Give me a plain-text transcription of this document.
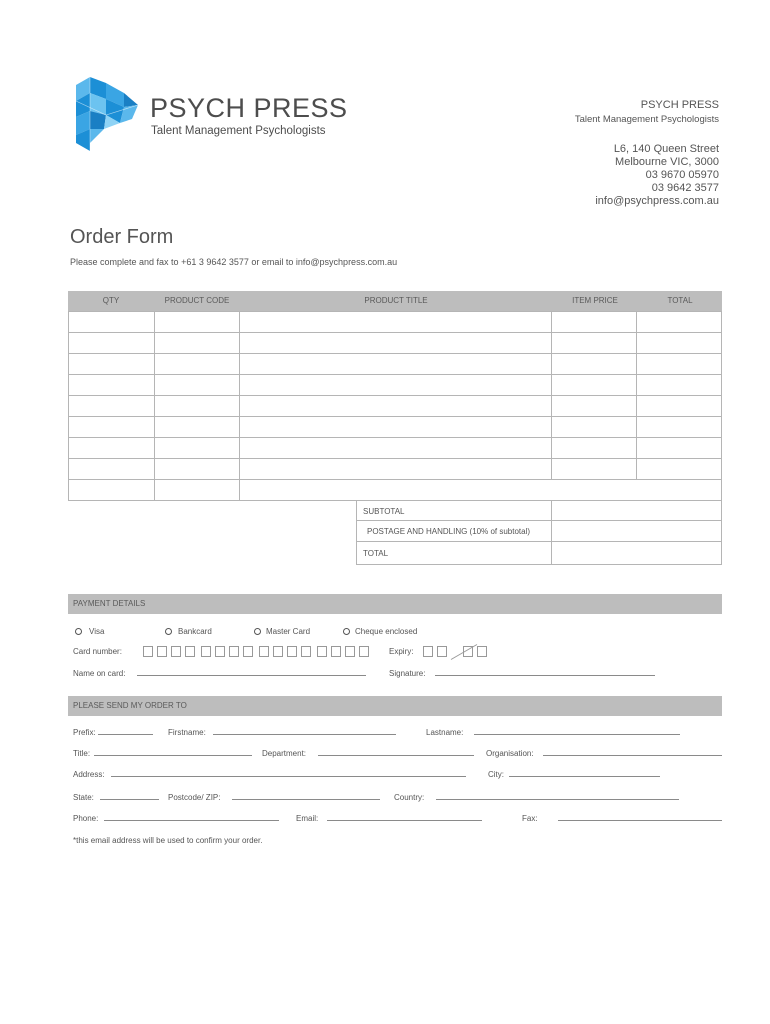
PSYCH PRESS
Talent Management Psychologists
PSYCH PRESS
Talent Management Psychologists
L6, 140 Queen Street
Melbourne VIC, 3000
03 9670 05970
03 9642 3577
info@psychpress.com.au
Order Form
Please complete and fax to +61 3 9642 3577 or email to info@psychpress.com.au
QTY	PRODUCT CODE	PRODUCT TITLE	ITEM PRICE	TOTAL
SUBTOTAL
POSTAGE AND HANDLING (10% of subtotal)
TOTAL
PAYMENT DETAILS
Visa	Bankcard	Master Card	Cheque enclosed
Card number:	Expiry:
Name on card:	Signature:
PLEASE SEND MY ORDER TO
Prefix:	Firstname:	Lastname:
Title:	Department:	Organisation:
Address:	City:
State:	Postcode/ ZIP:	Country:
Phone:	Email:	Fax:
*this email address will be used to confirm your order.
